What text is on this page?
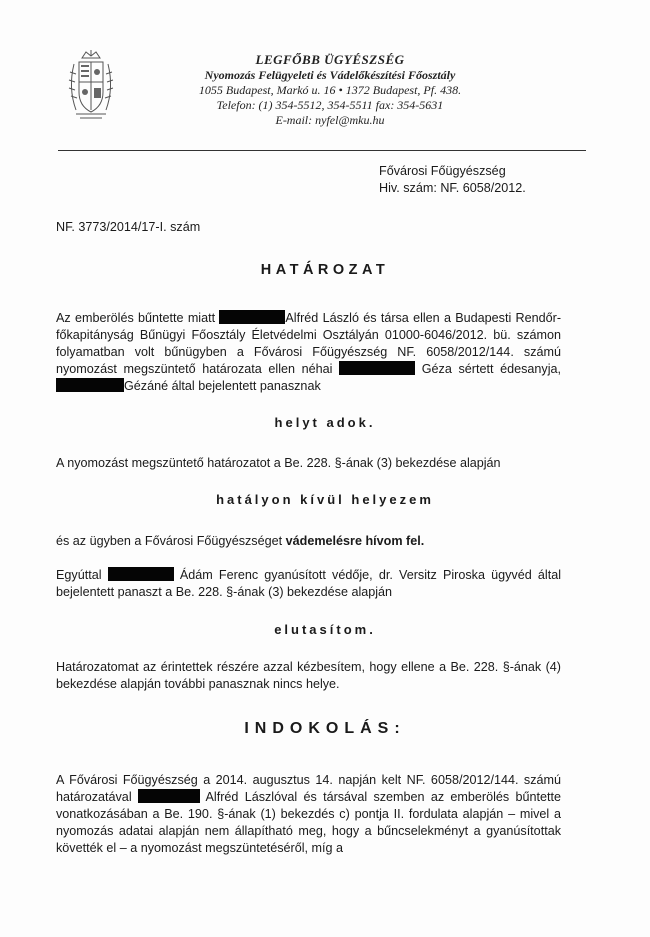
LEGFŐBB ÜGYÉSZSÉG
Nyomozás Felügyeleti és Vádelőkészítési Főosztály
1055 Budapest, Markó u. 16 • 1372 Budapest, Pf. 438.
Telefon: (1) 354-5512, 354-5511 fax: 354-5631
E-mail: nyfel@mku.hu
Fővárosi Főügyészség
Hiv. szám: NF. 6058/2012.
NF. 3773/2014/17-I. szám
HATÁROZAT
Az emberölés bűntette miatt	Alfréd László és társa ellen a Budapesti Rendőr-főkapitányság Bűnügyi Főosztály Életvédelmi Osztályán 01000-6046/2012. bü. számon folyamatban volt bűnügyben a Fővárosi Főügyészség NF. 6058/2012/144. számú nyomozást megszüntető határozata ellen néhai	Géza sértett édesanyja, Gézáné által bejelentett panasznak
helyt adok.
A nyomozást megszüntető határozatot a Be. 228. §-ának (3) bekezdése alapján
hatályon kívül helyezem
és az ügyben a Fővárosi Főügyészséget vádemelésre hívom fel.
Egyúttal	Ádám Ferenc gyanúsított védője, dr. Versitz Piroska ügyvéd által bejelentett panaszt a Be. 228. §-ának (3) bekezdése alapján
elutasítom.
Határozatomat az érintettek részére azzal kézbesítem, hogy ellene a Be. 228. §-ának (4) bekezdése alapján további panasznak nincs helye.
INDOKOLÁS:
A Fővárosi Főügyészség a 2014. augusztus 14. napján kelt NF. 6058/2012/144. számú határozatával	Alfréd Lászlóval és társával szemben az emberölés bűntette vonatkozásában a Be. 190. §-ának (1) bekezdés c) pontja II. fordulata alapján – mivel a nyomozás adatai alapján nem állapítható meg, hogy a bűncselekményt a gyanúsítottak követték el – a nyomozást megszüntetéséről, míg a
